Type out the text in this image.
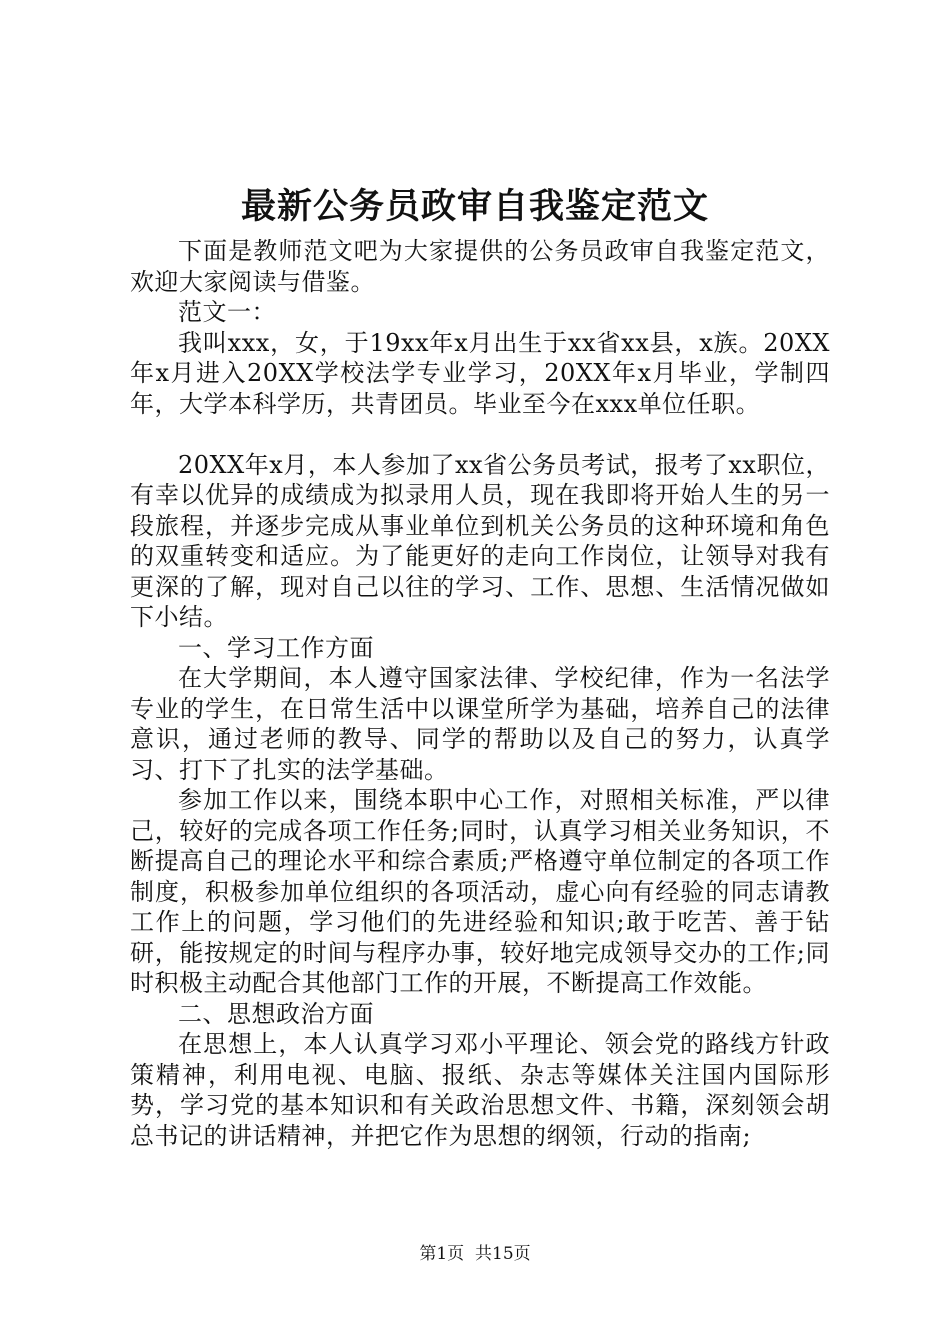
最新公务员政审自我鉴定范文

下面是教师范文吧为大家提供的公务员政审自我鉴定范文，欢迎大家阅读与借鉴。

范文一：

我叫xxx，女，于19xx年x月出生于xx省xx县，x族。20XX年x月进入20XX学校法学专业学习，20XX年x月毕业，学制四年，大学本科学历，共青团员。毕业至今在xxx单位任职。

20XX年x月，本人参加了xx省公务员考试，报考了xx职位，有幸以优异的成绩成为拟录用人员，现在我即将开始人生的另一段旅程，并逐步完成从事业单位到机关公务员的这种环境和角色的双重转变和适应。为了能更好的走向工作岗位，让领导对我有更深的了解，现对自己以往的学习、工作、思想、生活情况做如下小结。

一、学习工作方面

在大学期间，本人遵守国家法律、学校纪律，作为一名法学专业的学生，在日常生活中以课堂所学为基础，培养自己的法律意识，通过老师的教导、同学的帮助以及自己的努力，认真学习、打下了扎实的法学基础。

参加工作以来，围绕本职中心工作，对照相关标准，严以律己，较好的完成各项工作任务;同时，认真学习相关业务知识，不断提高自己的理论水平和综合素质;严格遵守单位制定的各项工作制度，积极参加单位组织的各项活动，虚心向有经验的同志请教工作上的问题，学习他们的先进经验和知识;敢于吃苦、善于钻研，能按规定的时间与程序办事，较好地完成领导交办的工作;同时积极主动配合其他部门工作的开展，不断提高工作效能。

二、思想政治方面

在思想上，本人认真学习邓小平理论、领会党的路线方针政策精神，利用电视、电脑、报纸、杂志等媒体关注国内国际形势，学习党的基本知识和有关政治思想文件、书籍，深刻领会胡总书记的讲话精神，并把它作为思想的纲领，行动的指南;

第1页 共15页
